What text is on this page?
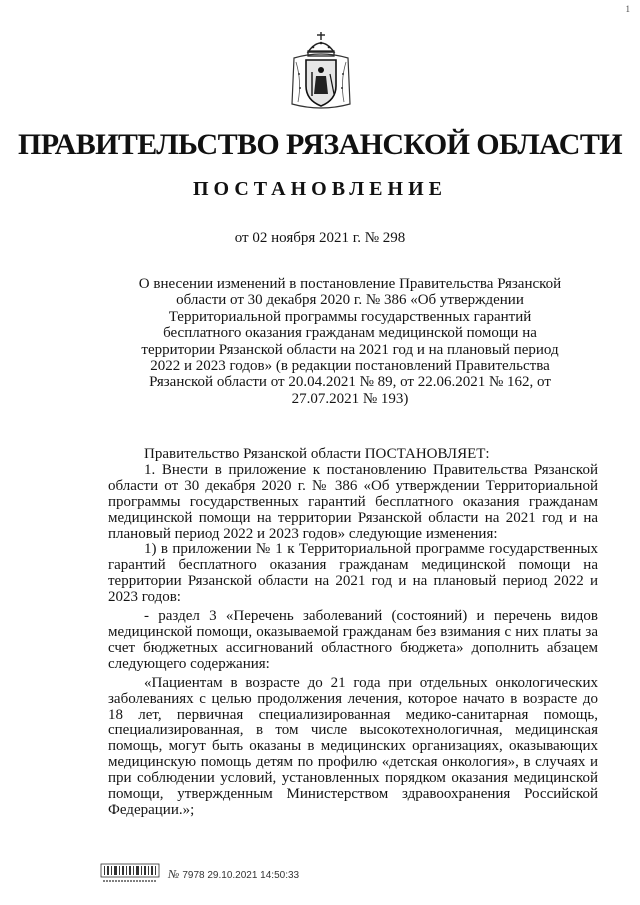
1
ПРАВИТЕЛЬСТВО РЯЗАНСКОЙ ОБЛАСТИ
ПОСТАНОВЛЕНИЕ
от 02 ноября 2021 г. № 298
О внесении изменений в постановление Правительства Рязанской области от 30 декабря 2020 г. № 386 «Об утверждении Территориальной программы государственных гарантий бесплатного оказания гражданам медицинской помощи на территории Рязанской области на 2021 год и на плановый период 2022 и 2023 годов» (в редакции постановлений Правительства Рязанской области от 20.04.2021 № 89, от 22.06.2021 № 162, от 27.07.2021 № 193)

Правительство Рязанской области ПОСТАНОВЛЯЕТ:

1. Внести в приложение к постановлению Правительства Рязанской области от 30 декабря 2020 г. № 386 «Об утверждении Территориальной программы государственных гарантий бесплатного оказания гражданам медицинской помощи на территории Рязанской области на 2021 год и на плановый период 2022 и 2023 годов» следующие изменения:

1) в приложении № 1 к Территориальной программе государственных гарантий бесплатного оказания гражданам медицинской помощи на территории Рязанской области на 2021 год и на плановый период 2022 и 2023 годов:

- раздел 3 «Перечень заболеваний (состояний) и перечень видов медицинской помощи, оказываемой гражданам без взимания с них платы за счет бюджетных ассигнований областного бюджета» дополнить абзацем следующего содержания:

«Пациентам в возрасте до 21 года при отдельных онкологических заболеваниях с целью продолжения лечения, которое начато в возрасте до 18 лет, первичная специализированная медико-санитарная помощь, специализированная, в том числе высокотехнологичная, медицинская помощь, могут быть оказаны в медицинских организациях, оказывающих медицинскую помощь детям по профилю «детская онкология», в случаях и при соблюдении условий, установленных порядком оказания медицинской помощи, утвержденным Министерством здравоохранения Российской Федерации.»;

№ 7978 29.10.2021 14:50:33
